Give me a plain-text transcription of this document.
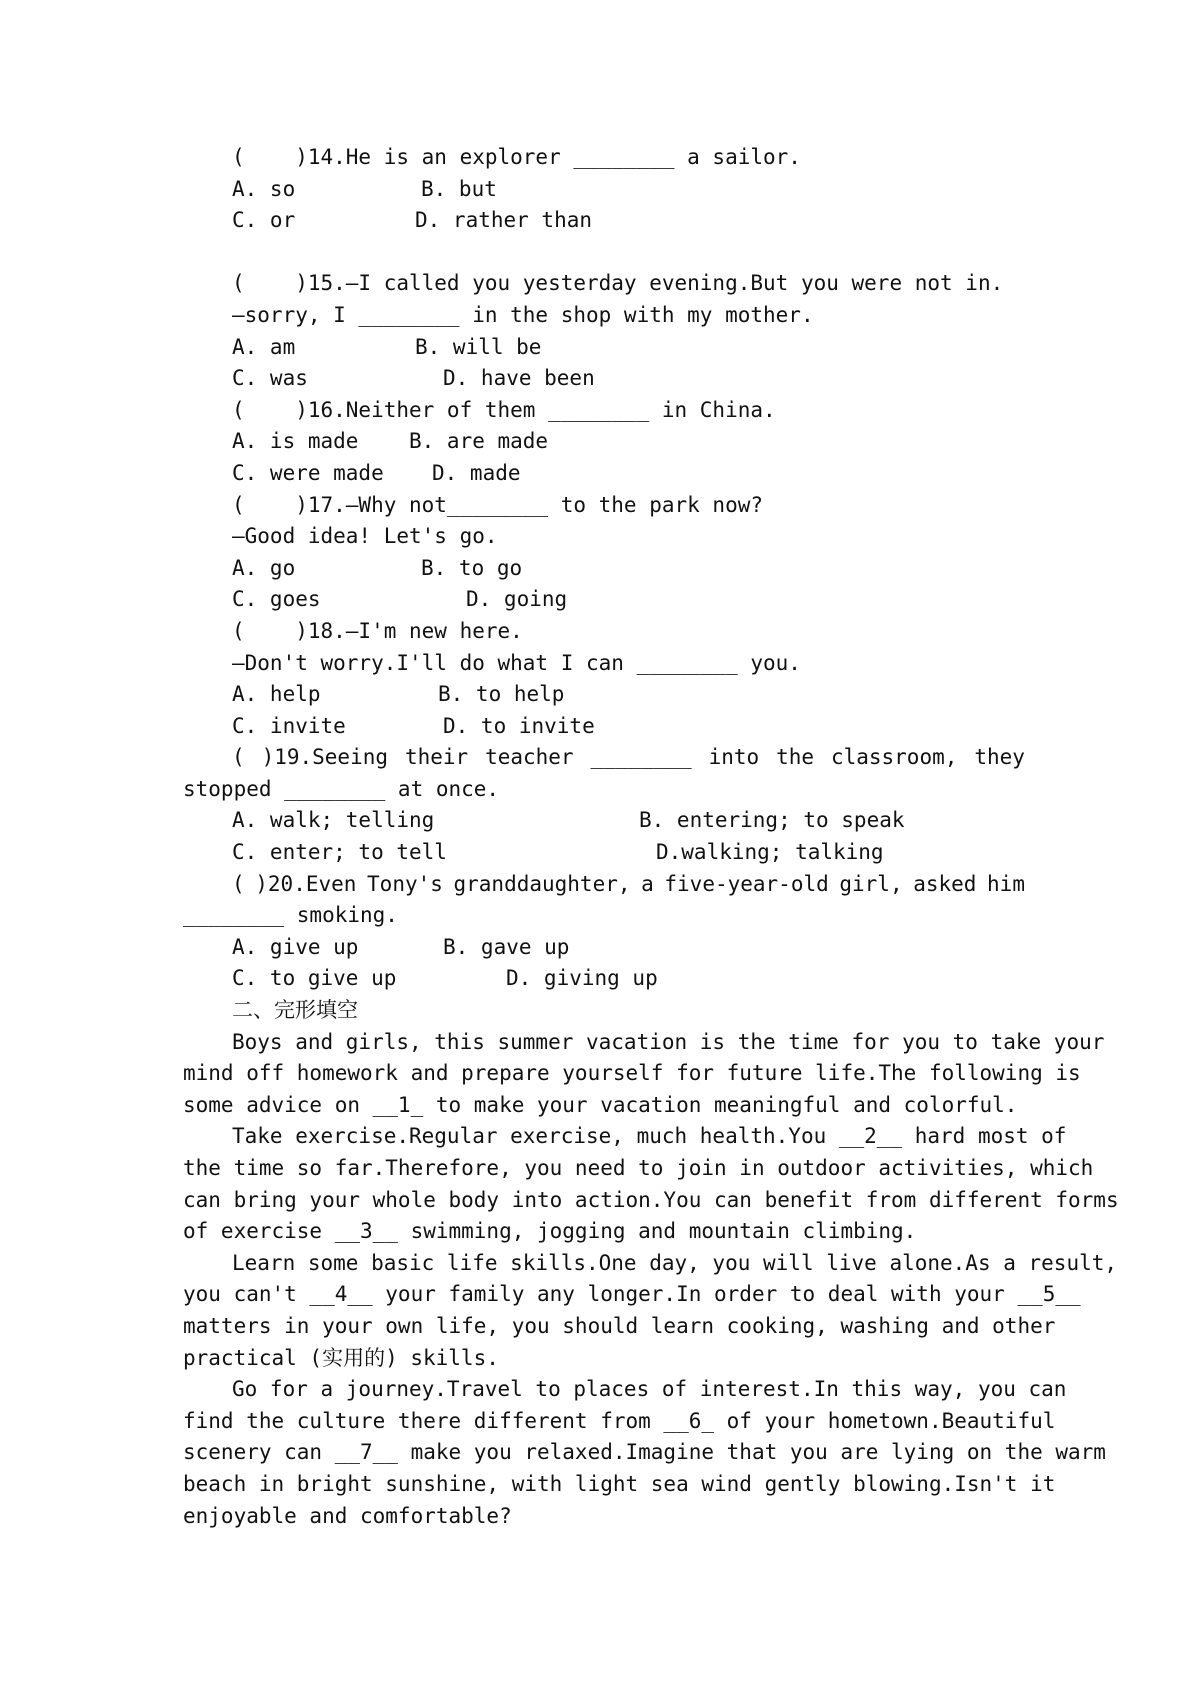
(    )14.He is an explorer ________ a sailor.
A. so	B. but
C. or	D. rather than
(    )15.—I called you yesterday evening.But you were not in.
—sorry, I ________ in the shop with my mother.
A. am	B. will be
C. was	D. have been
(    )16.Neither of them ________ in China.
A. is made	B. are made
C. were made	D. made
(    )17.—Why not________ to the park now?
—Good idea! Let's go.
A. go	B. to go
C. goes	D. going
(    )18.—I'm new here.
—Don't worry.I'll do what I can ________ you.
A. help	B. to help
C. invite	D. to invite
( )19.Seeing their teacher ________ into the classroom, they
stopped ________ at once.
A. walk; telling	B. entering; to speak
C. enter; to tell	D.walking; talking
( )20.Even Tony's granddaughter, a five-year-old girl, asked him
________ smoking.
A. give up	B. gave up
C. to give up	D. giving up
二、完形填空
Boys and girls, this summer vacation is the time for you to take your
mind off homework and prepare yourself for future life.The following is
some advice on __1_ to make your vacation meaningful and colorful.
Take exercise.Regular exercise, much health.You __2__ hard most of
the time so far.Therefore, you need to join in outdoor activities, which
can bring your whole body into action.You can benefit from different forms
of exercise __3__ swimming, jogging and mountain climbing.
Learn some basic life skills.One day, you will live alone.As a result,
you can't __4__ your family any longer.In order to deal with your __5__
matters in your own life, you should learn cooking, washing and other
practical (实用的) skills.
Go for a journey.Travel to places of interest.In this way, you can
find the culture there different from __6_ of your hometown.Beautiful
scenery can __7__ make you relaxed.Imagine that you are lying on the warm
beach in bright sunshine, with light sea wind gently blowing.Isn't it
enjoyable and comfortable?
